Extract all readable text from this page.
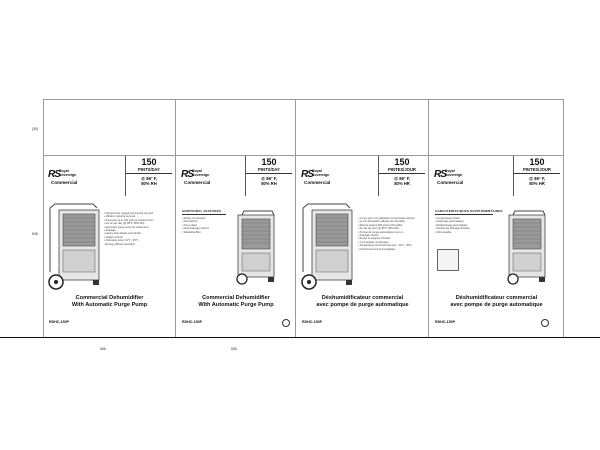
(30)
808
666	555
RS Royal
Sovereign
Commercial
150
PINTS/DAY
@ 86° F,
80% RH
• Designed for rugged commercial use and
• efficient moisture removal
• Removes up to 150 pints of moisture from
• the air per day (@ 86°F, 80% RH)
• Automatic purge pump for continuous
• drainage
• Heavy-duty wheels and handle
• Digital controls
• Operating temp: 41°F - 95°F
• Energy efficient operation
Commercial Dehumidifier
With Automatic Purge Pump
RDHC-150P
RS Royal
Sovereign
Commercial
150
PINTS/DAY
@ 86° F,
80% RH
ADDITIONAL FEATURES
• Rotary compressor
• Auto defrost
• Auto restart
• Dual drainage options
• Washable filter
Commercial Dehumidifier
With Automatic Purge Pump
RDHC-150P
RS Royal
Sovereign
Commercial
150
PINTES/JOUR
@ 86° F,
80% HR
• Conçu pour une utilisation commerciale robuste
• et une élimination efficace de l'humidité
• Élimine jusqu'à 150 pintes d'humidité
• de l'air par jour (@ 86°F, 80% HR)
• Pompe de purge automatique pour un
• drainage continu
• Roues et poignée robustes
• Commandes numériques
• Température de fonctionnement : 41°F - 95°F
• Fonctionnement éconergétique
Déshumidificateur commercial
avec pompe de purge automatique
RDHC-150P
RS Royal
Sovereign
Commercial
150
PINTES/JOUR
@ 86° F,
80% HR
CARACTÉRISTIQUES SUPPLÉMENTAIRES
• Compresseur rotatif
• Dégivrage automatique
• Redémarrage automatique
• Options de drainage doubles
• Filtre lavable
Déshumidificateur commercial
avec pompe de purge automatique
RDHC-150P
